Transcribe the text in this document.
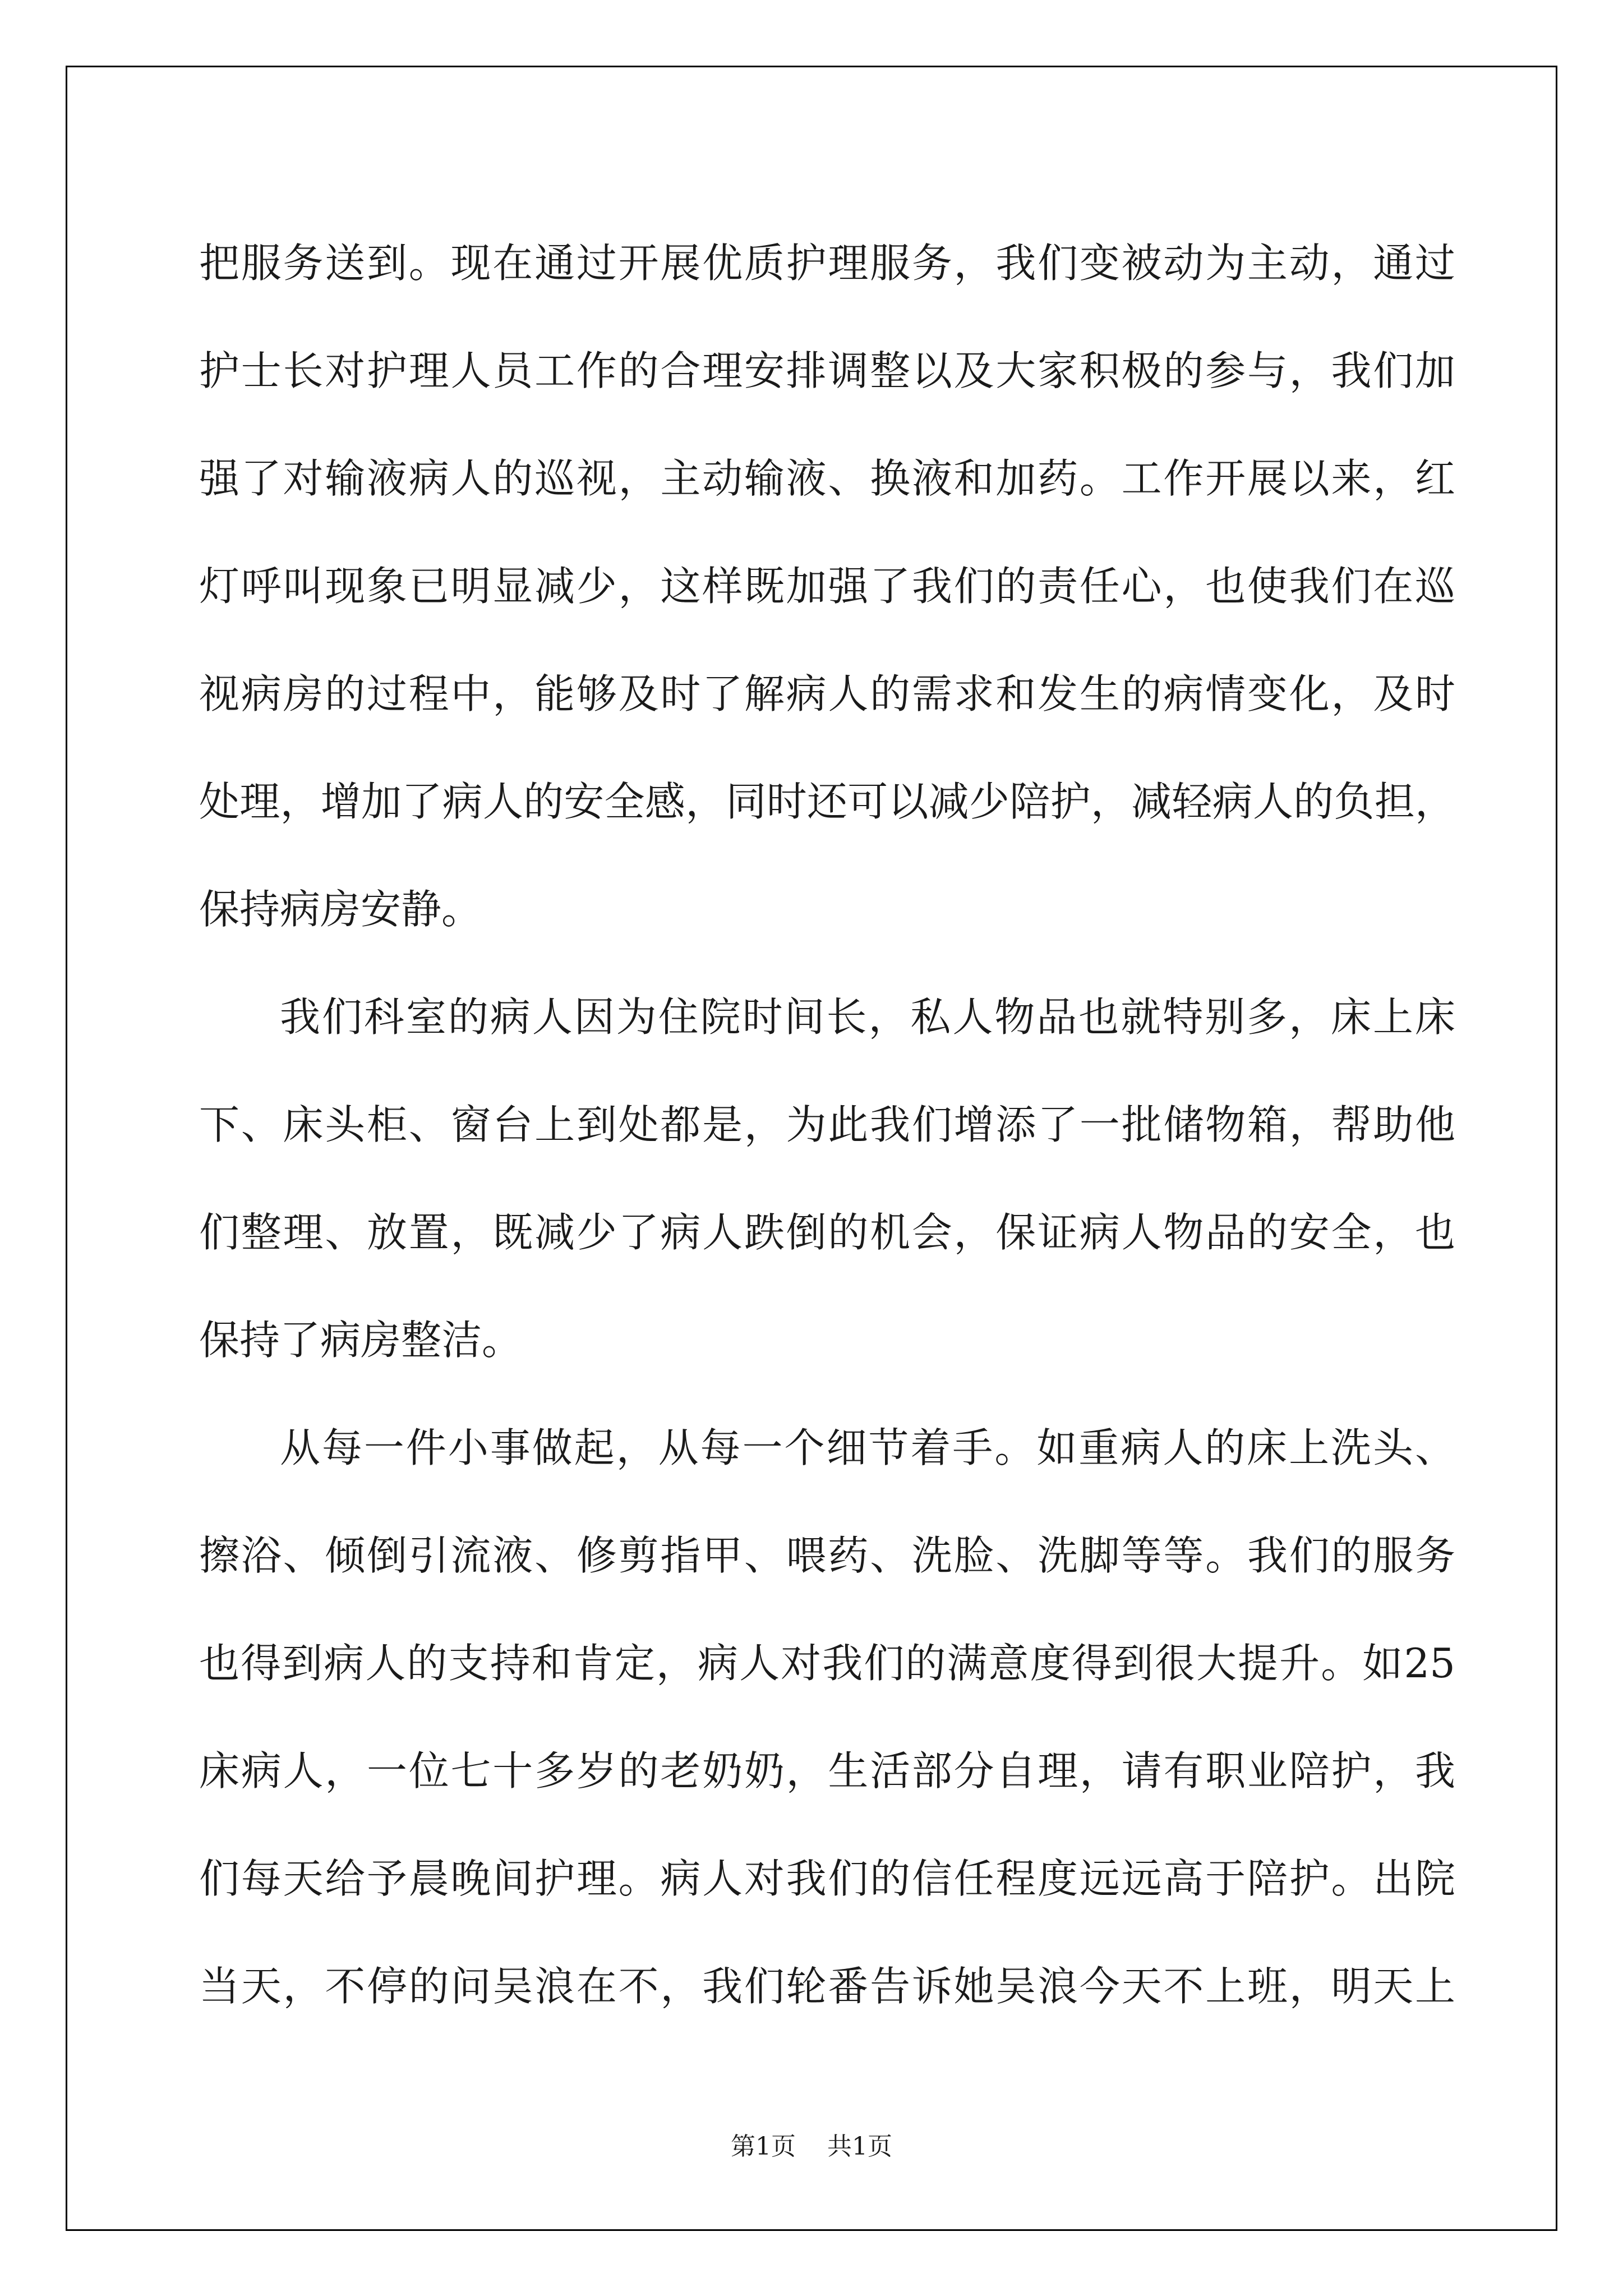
把服务送到。现在通过开展优质护理服务，我们变被动为主动，通过
护士长对护理人员工作的合理安排调整以及大家积极的参与，我们加
强了对输液病人的巡视，主动输液、换液和加药。工作开展以来，红
灯呼叫现象已明显减少，这样既加强了我们的责任心，也使我们在巡
视病房的过程中，能够及时了解病人的需求和发生的病情变化，及时
处理，增加了病人的安全感，同时还可以减少陪护，减轻病人的负担，
保持病房安静。
我们科室的病人因为住院时间长，私人物品也就特别多，床上床
下、床头柜、窗台上到处都是，为此我们增添了一批储物箱，帮助他
们整理、放置，既减少了病人跌倒的机会，保证病人物品的安全，也
保持了病房整洁。
从每一件小事做起，从每一个细节着手。如重病人的床上洗头、
擦浴、倾倒引流液、修剪指甲、喂药、洗脸、洗脚等等。我们的服务
也得到病人的支持和肯定，病人对我们的满意度得到很大提升。如25
床病人，一位七十多岁的老奶奶，生活部分自理，请有职业陪护，我
们每天给予晨晚间护理。病人对我们的信任程度远远高于陪护。出院
当天，不停的问吴浪在不，我们轮番告诉她吴浪今天不上班，明天上
第1页    共1页
